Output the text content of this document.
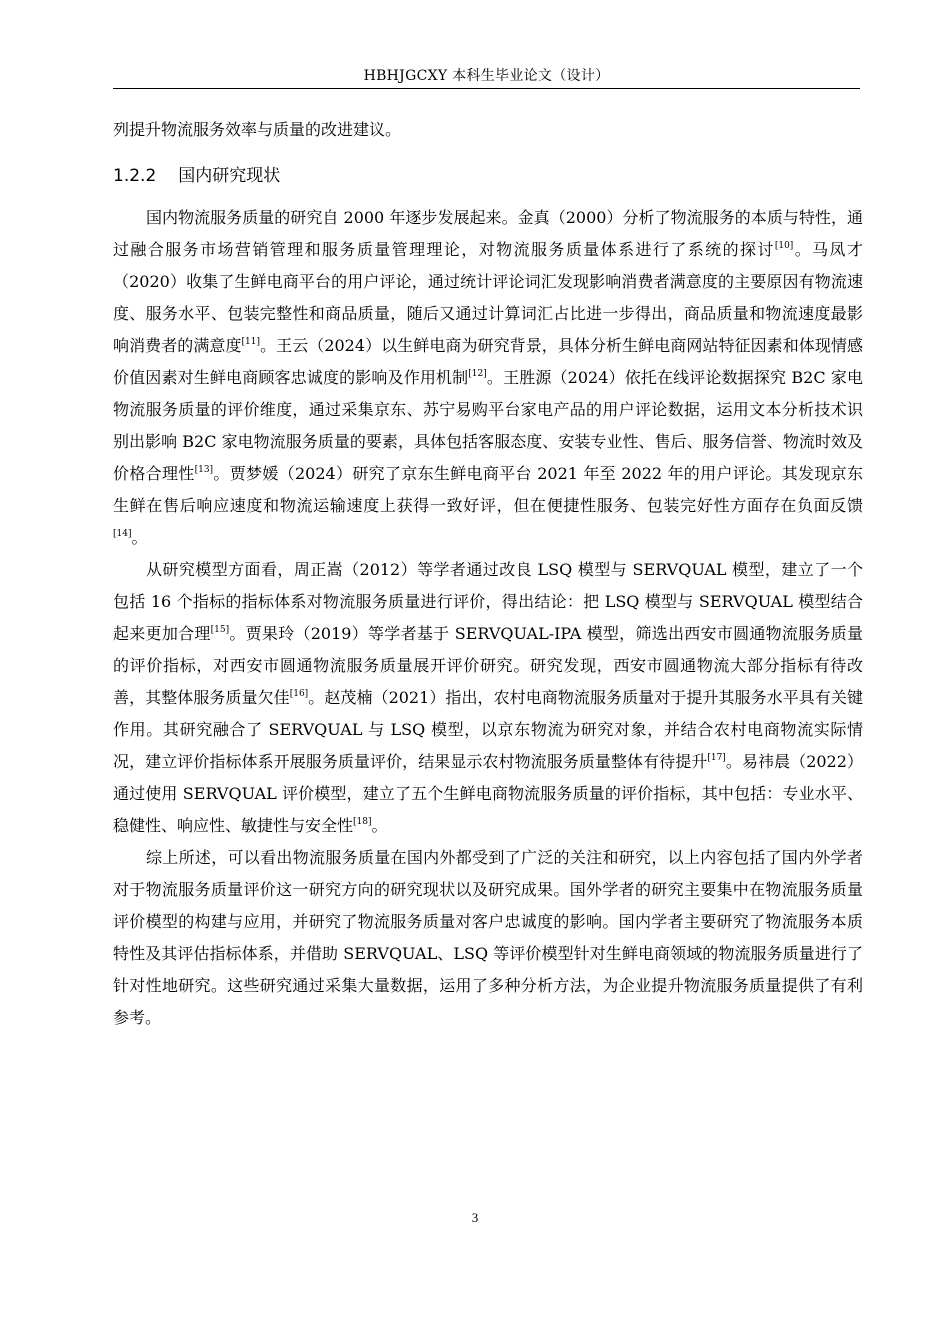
HBHJGCXY 本科生毕业论文（设计）

列提升物流服务效率与质量的改进建议。

1.2.2 国内研究现状

国内物流服务质量的研究自 2000 年逐步发展起来。金真（2000）分析了物流服务的本质与特性，通过融合服务市场营销管理和服务质量管理理论，对物流服务质量体系进行了系统的探讨[10]。马凤才（2020）收集了生鲜电商平台的用户评论，通过统计评论词汇发现影响消费者满意度的主要原因有物流速度、服务水平、包装完整性和商品质量，随后又通过计算词汇占比进一步得出，商品质量和物流速度最影响消费者的满意度[11]。王云（2024）以生鲜电商为研究背景，具体分析生鲜电商网站特征因素和体现情感价值因素对生鲜电商顾客忠诚度的影响及作用机制[12]。王胜源（2024）依托在线评论数据探究 B2C 家电物流服务质量的评价维度，通过采集京东、苏宁易购平台家电产品的用户评论数据，运用文本分析技术识别出影响 B2C 家电物流服务质量的要素，具体包括客服态度、安装专业性、售后、服务信誉、物流时效及价格合理性[13]。贾梦媛（2024）研究了京东生鲜电商平台 2021 年至 2022 年的用户评论。其发现京东生鲜在售后响应速度和物流运输速度上获得一致好评，但在便捷性服务、包装完好性方面存在负面反馈[14]。

从研究模型方面看，周正嵩（2012）等学者通过改良 LSQ 模型与 SERVQUAL 模型，建立了一个包括 16 个指标的指标体系对物流服务质量进行评价，得出结论：把 LSQ 模型与 SERVQUAL 模型结合起来更加合理[15]。贾果玲（2019）等学者基于 SERVQUAL-IPA 模型，筛选出西安市圆通物流服务质量的评价指标，对西安市圆通物流服务质量展开评价研究。研究发现，西安市圆通物流大部分指标有待改善，其整体服务质量欠佳[16]。赵茂楠（2021）指出，农村电商物流服务质量对于提升其服务水平具有关键作用。其研究融合了 SERVQUAL 与 LSQ 模型，以京东物流为研究对象，并结合农村电商物流实际情况，建立评价指标体系开展服务质量评价，结果显示农村物流服务质量整体有待提升[17]。易祎晨（2022）通过使用 SERVQUAL 评价模型，建立了五个生鲜电商物流服务质量的评价指标，其中包括：专业水平、稳健性、响应性、敏捷性与安全性[18]。

综上所述，可以看出物流服务质量在国内外都受到了广泛的关注和研究，以上内容包括了国内外学者对于物流服务质量评价这一研究方向的研究现状以及研究成果。国外学者的研究主要集中在物流服务质量评价模型的构建与应用，并研究了物流服务质量对客户忠诚度的影响。国内学者主要研究了物流服务本质特性及其评估指标体系，并借助 SERVQUAL、LSQ 等评价模型针对生鲜电商领域的物流服务质量进行了针对性地研究。这些研究通过采集大量数据，运用了多种分析方法，为企业提升物流服务质量提供了有利参考。

3
